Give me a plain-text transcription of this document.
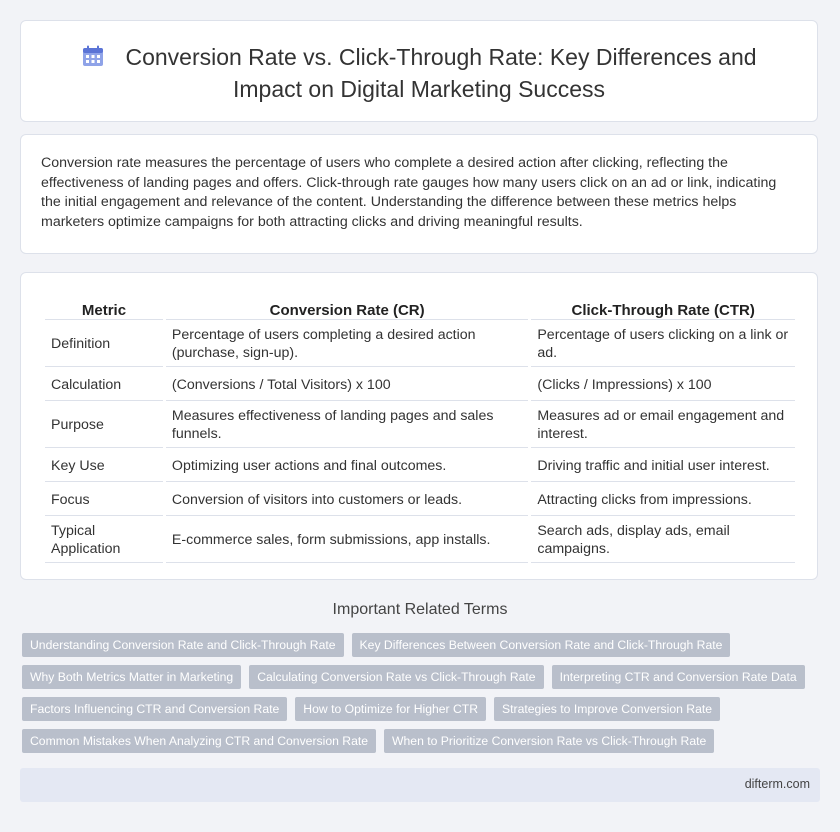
Conversion Rate vs. Click-Through Rate: Key Differences and
Impact on Digital Marketing Success
Conversion rate measures the percentage of users who complete a desired action after clicking, reflecting the effectiveness of landing pages and offers. Click-through rate gauges how many users click on an ad or link, indicating the initial engagement and relevance of the content. Understanding the difference between these metrics helps marketers optimize campaigns for both attracting clicks and driving meaningful results.
Metric	Conversion Rate (CR)	Click-Through Rate (CTR)
Definition	Percentage of users completing a desired action (purchase, sign-up).	Percentage of users clicking on a link or ad.
Calculation	(Conversions / Total Visitors) x 100	(Clicks / Impressions) x 100
Purpose	Measures effectiveness of landing pages and sales funnels.	Measures ad or email engagement and interest.
Key Use	Optimizing user actions and final outcomes.	Driving traffic and initial user interest.
Focus	Conversion of visitors into customers or leads.	Attracting clicks from impressions.
Typical Application	E-commerce sales, form submissions, app installs.	Search ads, display ads, email campaigns.
Important Related Terms
Understanding Conversion Rate and Click-Through Rate	Key Differences Between Conversion Rate and Click-Through Rate
Why Both Metrics Matter in Marketing	Calculating Conversion Rate vs Click-Through Rate	Interpreting CTR and Conversion Rate Data
Factors Influencing CTR and Conversion Rate	How to Optimize for Higher CTR	Strategies to Improve Conversion Rate
Common Mistakes When Analyzing CTR and Conversion Rate	When to Prioritize Conversion Rate vs Click-Through Rate
difterm.com
